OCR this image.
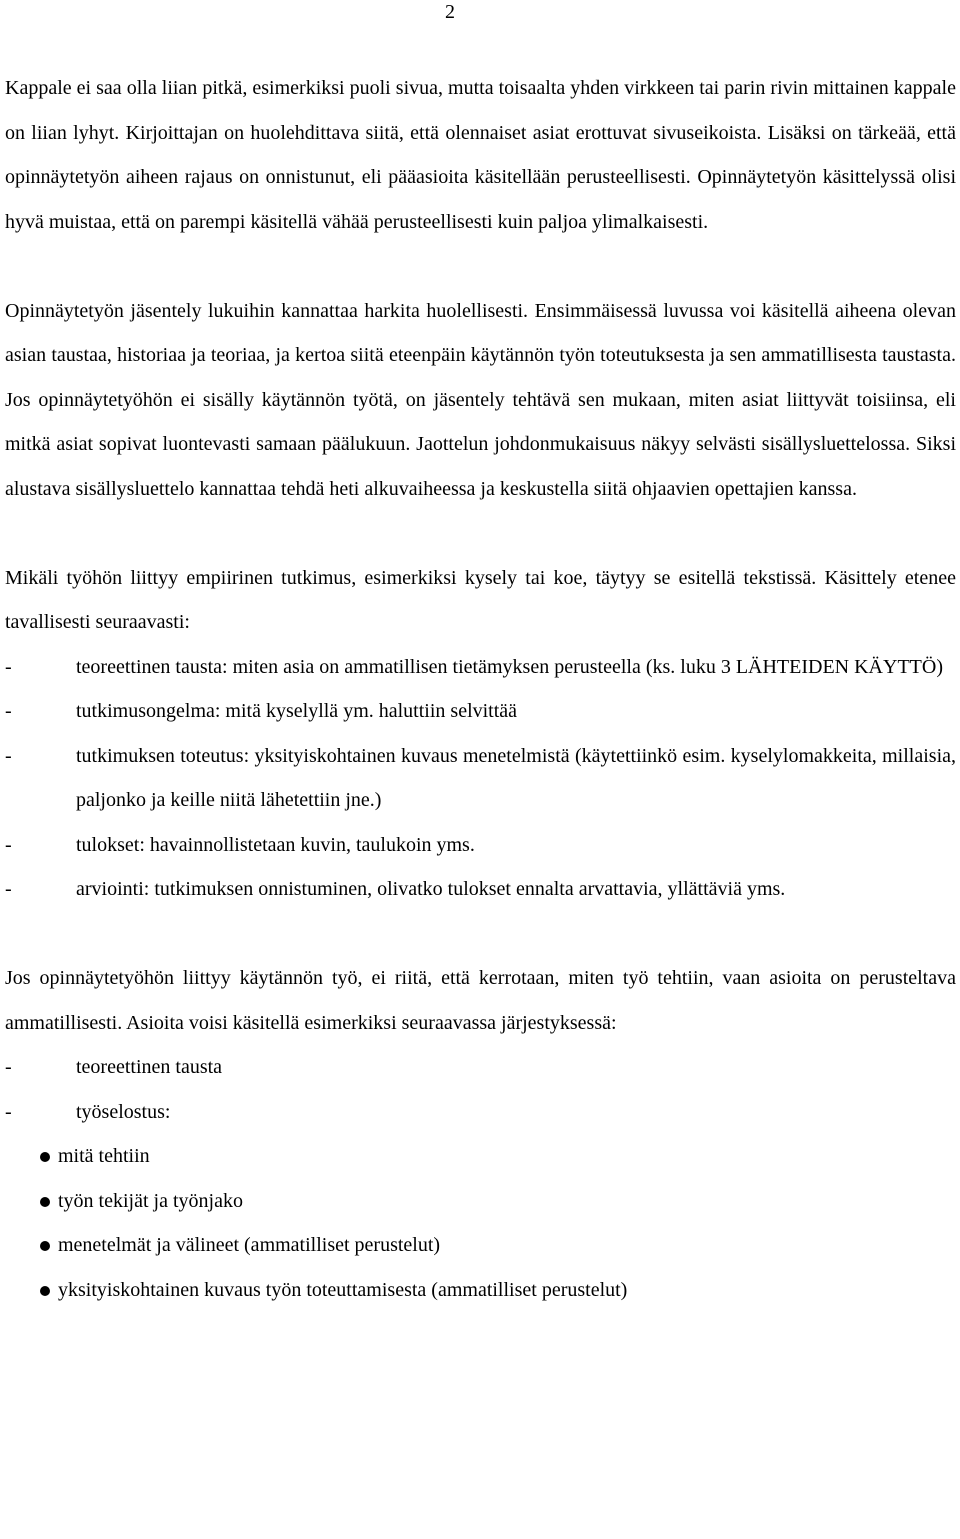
2

Kappale ei saa olla liian pitkä, esimerkiksi puoli sivua, mutta toisaalta yhden virkkeen tai parin rivin mittainen kappale on liian lyhyt. Kirjoittajan on huolehdittava siitä, että olennaiset asiat erottuvat sivuseikoista. Lisäksi on tärkeää, että opinnäytetyön aiheen rajaus on onnistunut, eli pääasioita käsitellään perusteellisesti. Opinnäytetyön käsittelyssä olisi hyvä muistaa, että on parempi käsitellä vähää perusteellisesti kuin paljoa ylimalkaisesti.

Opinnäytetyön jäsentely lukuihin kannattaa harkita huolellisesti. Ensimmäisessä luvussa voi käsitellä aiheena olevan asian taustaa, historiaa ja teoriaa, ja kertoa siitä eteenpäin käytännön työn toteutuksesta ja sen ammatillisesta taustasta. Jos opinnäytetyöhön ei sisälly käytännön työtä, on jäsentely tehtävä sen mukaan, miten asiat liittyvät toisiinsa, eli mitkä asiat sopivat luontevasti samaan päälukuun. Jaottelun johdonmukaisuus näkyy selvästi sisällysluettelossa. Siksi alustava sisällysluettelo kannattaa tehdä heti alkuvaiheessa ja keskustella siitä ohjaavien opettajien kanssa.

Mikäli työhön liittyy empiirinen tutkimus, esimerkiksi kysely tai koe, täytyy se esitellä tekstissä. Käsittely etenee tavallisesti seuraavasti:

-	teoreettinen tausta: miten asia on ammatillisen tietämyksen perusteella (ks. luku 3 LÄHTEIDEN KÄYTTÖ)
-	tutkimusongelma: mitä kyselyllä ym. haluttiin selvittää
-	tutkimuksen toteutus: yksityiskohtainen kuvaus menetelmistä (käytettiinkö esim. kyselylomakkeita, millaisia, paljonko ja keille niitä lähetettiin jne.)
-	tulokset: havainnollistetaan kuvin, taulukoin yms.
-	arviointi: tutkimuksen onnistuminen, olivatko tulokset ennalta arvattavia, yllättäviä yms.

Jos opinnäytetyöhön liittyy käytännön työ, ei riitä, että kerrotaan, miten työ tehtiin, vaan asioita on perusteltava ammatillisesti. Asioita voisi käsitellä esimerkiksi seuraavassa järjestyksessä:

-	teoreettinen tausta
-	työselostus:
mitä tehtiin
työn tekijät ja työnjako
menetelmät ja välineet (ammatilliset perustelut)
yksityiskohtainen kuvaus työn toteuttamisesta (ammatilliset perustelut)
